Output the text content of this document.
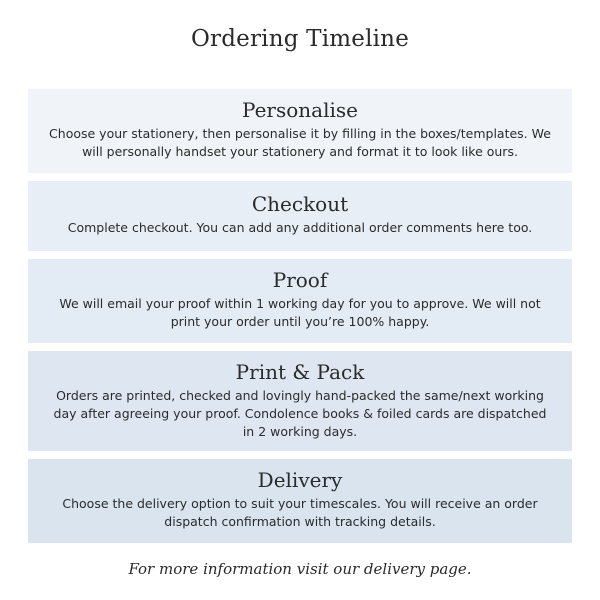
Ordering Timeline
Personalise
Choose your stationery, then personalise it by filling in the boxes/templates. We will personally handset your stationery and format it to look like ours.
Checkout
Complete checkout. You can add any additional order comments here too.
Proof
We will email your proof within 1 working day for you to approve. We will not print your order until you’re 100% happy.
Print & Pack
Orders are printed, checked and lovingly hand-packed the same/next working day after agreeing your proof. Condolence books & foiled cards are dispatched in 2 working days.
Delivery
Choose the delivery option to suit your timescales. You will receive an order dispatch confirmation with tracking details.
For more information visit our delivery page.
